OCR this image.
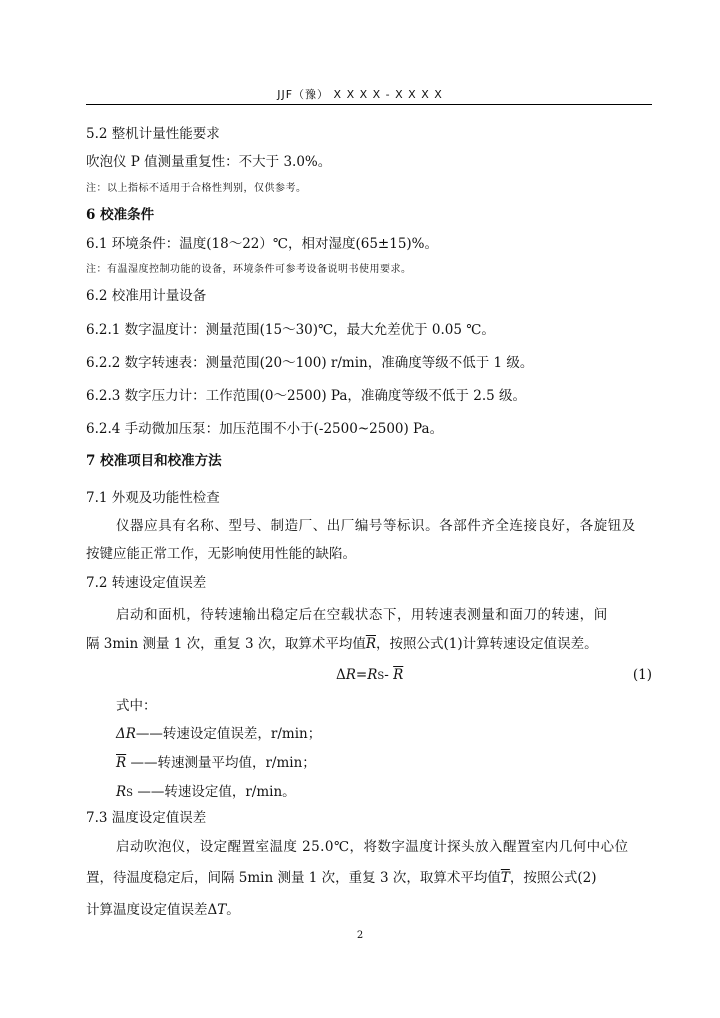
JJF（豫） X X X X - X X X X
5.2 整机计量性能要求
吹泡仪 P 值测量重复性：不大于 3.0%。
注：以上指标不适用于合格性判别，仅供参考。
6 校准条件
6.1 环境条件：温度(18～22）℃，相对湿度(65±15)%。
注：有温湿度控制功能的设备，环境条件可参考设备说明书使用要求。
6.2 校准用计量设备
6.2.1 数字温度计：测量范围(15～30)℃，最大允差优于 0.05 ℃。
6.2.2 数字转速表：测量范围(20～100) r/min，准确度等级不低于 1 级。
6.2.3 数字压力计：工作范围(0～2500) Pa，准确度等级不低于 2.5 级。
6.2.4 手动微加压泵：加压范围不小于(-2500~2500) Pa。
7 校准项目和校准方法
7.1 外观及功能性检查
仪器应具有名称、型号、制造厂、出厂编号等标识。各部件齐全连接良好，各旋钮及
按键应能正常工作，无影响使用性能的缺陷。
7.2 转速设定值误差
启动和面机，待转速输出稳定后在空载状态下，用转速表测量和面刀的转速，间
隔 3min 测量 1 次，重复 3 次，取算术平均值$\overline{R}$，按照公式(1)计算转速设定值误差。
ΔR=RS- $\overline{R}$	(1)
式中：
ΔR——转速设定值误差，r/min；
$\overline{R}$ ——转速测量平均值，r/min；
RS ——转速设定值，r/min。
7.3 温度设定值误差
启动吹泡仪，设定醒置室温度 25.0℃，将数字温度计探头放入醒置室内几何中心位
置，待温度稳定后，间隔 5min 测量 1 次，重复 3 次，取算术平均值$\overline{T}$，按照公式(2)
计算温度设定值误差ΔT。
2
